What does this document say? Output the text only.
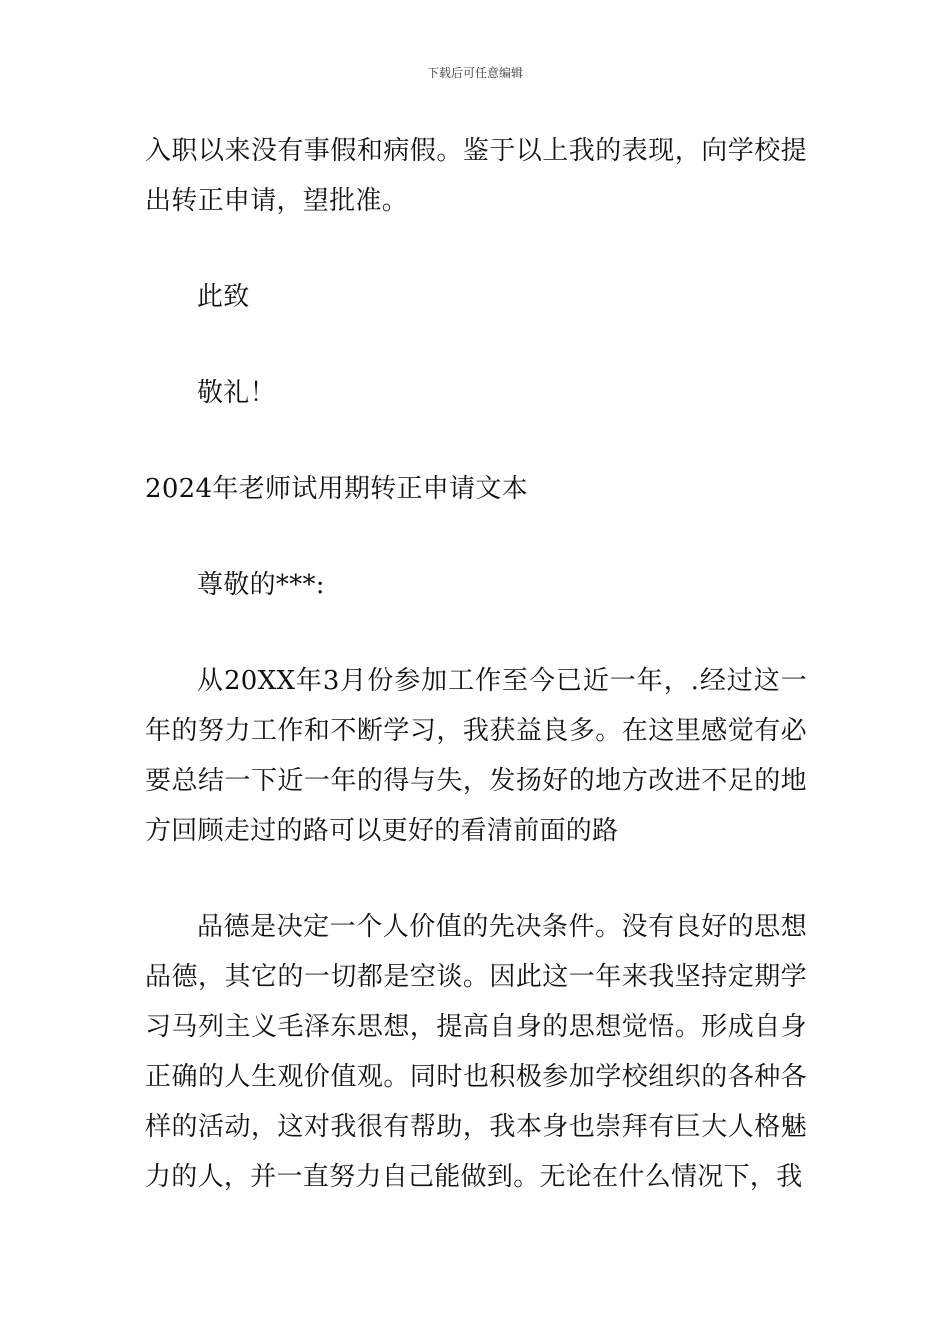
下载后可任意编辑

入职以来没有事假和病假。鉴于以上我的表现，向学校提出转正申请，望批准。

此致

敬礼！

2024年老师试用期转正申请文本

尊敬的***:

从20XX年3月份参加工作至今已近一年，.经过这一年的努力工作和不断学习，我获益良多。在这里感觉有必要总结一下近一年的得与失，发扬好的地方改进不足的地方回顾走过的路可以更好的看清前面的路

品德是决定一个人价值的先决条件。没有良好的思想品德，其它的一切都是空谈。因此这一年来我坚持定期学习马列主义毛泽东思想，提高自身的思想觉悟。形成自身正确的人生观价值观。同时也积极参加学校组织的各种各样的活动，这对我很有帮助，我本身也崇拜有巨大人格魅力的人，并一直努力自己能做到。无论在什么情况下，我
